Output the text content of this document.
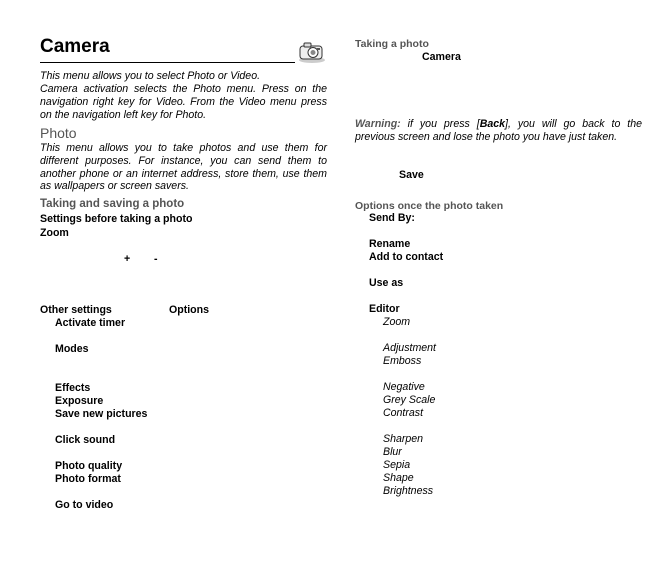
Camera
This menu allows you to select Photo or Video.
Camera activation selects the Photo menu. Press on the navigation right key for Video. From the Video menu press on the navigation left key for Photo.
Photo
This menu allows you to take photos and use them for different purposes. For instance, you can send them to another phone or an internet address, store them, use them as wallpapers or screen savers.
Taking and saving a photo
Settings before taking a photo
Zoom
+ -
Other settings	Options
Activate timer
Modes
Effects
Exposure
Save new pictures
Click sound
Photo quality
Photo format
Go to video
Taking a photo
Camera
Warning: if you press [Back], you will go back to the previous screen and lose the photo you have just taken.
Save
Options once the photo taken
Send By:
Rename
Add to contact
Use as
Editor
Zoom
Adjustment
Emboss
Negative
Grey Scale
Contrast
Sharpen
Blur
Sepia
Shape
Brightness
